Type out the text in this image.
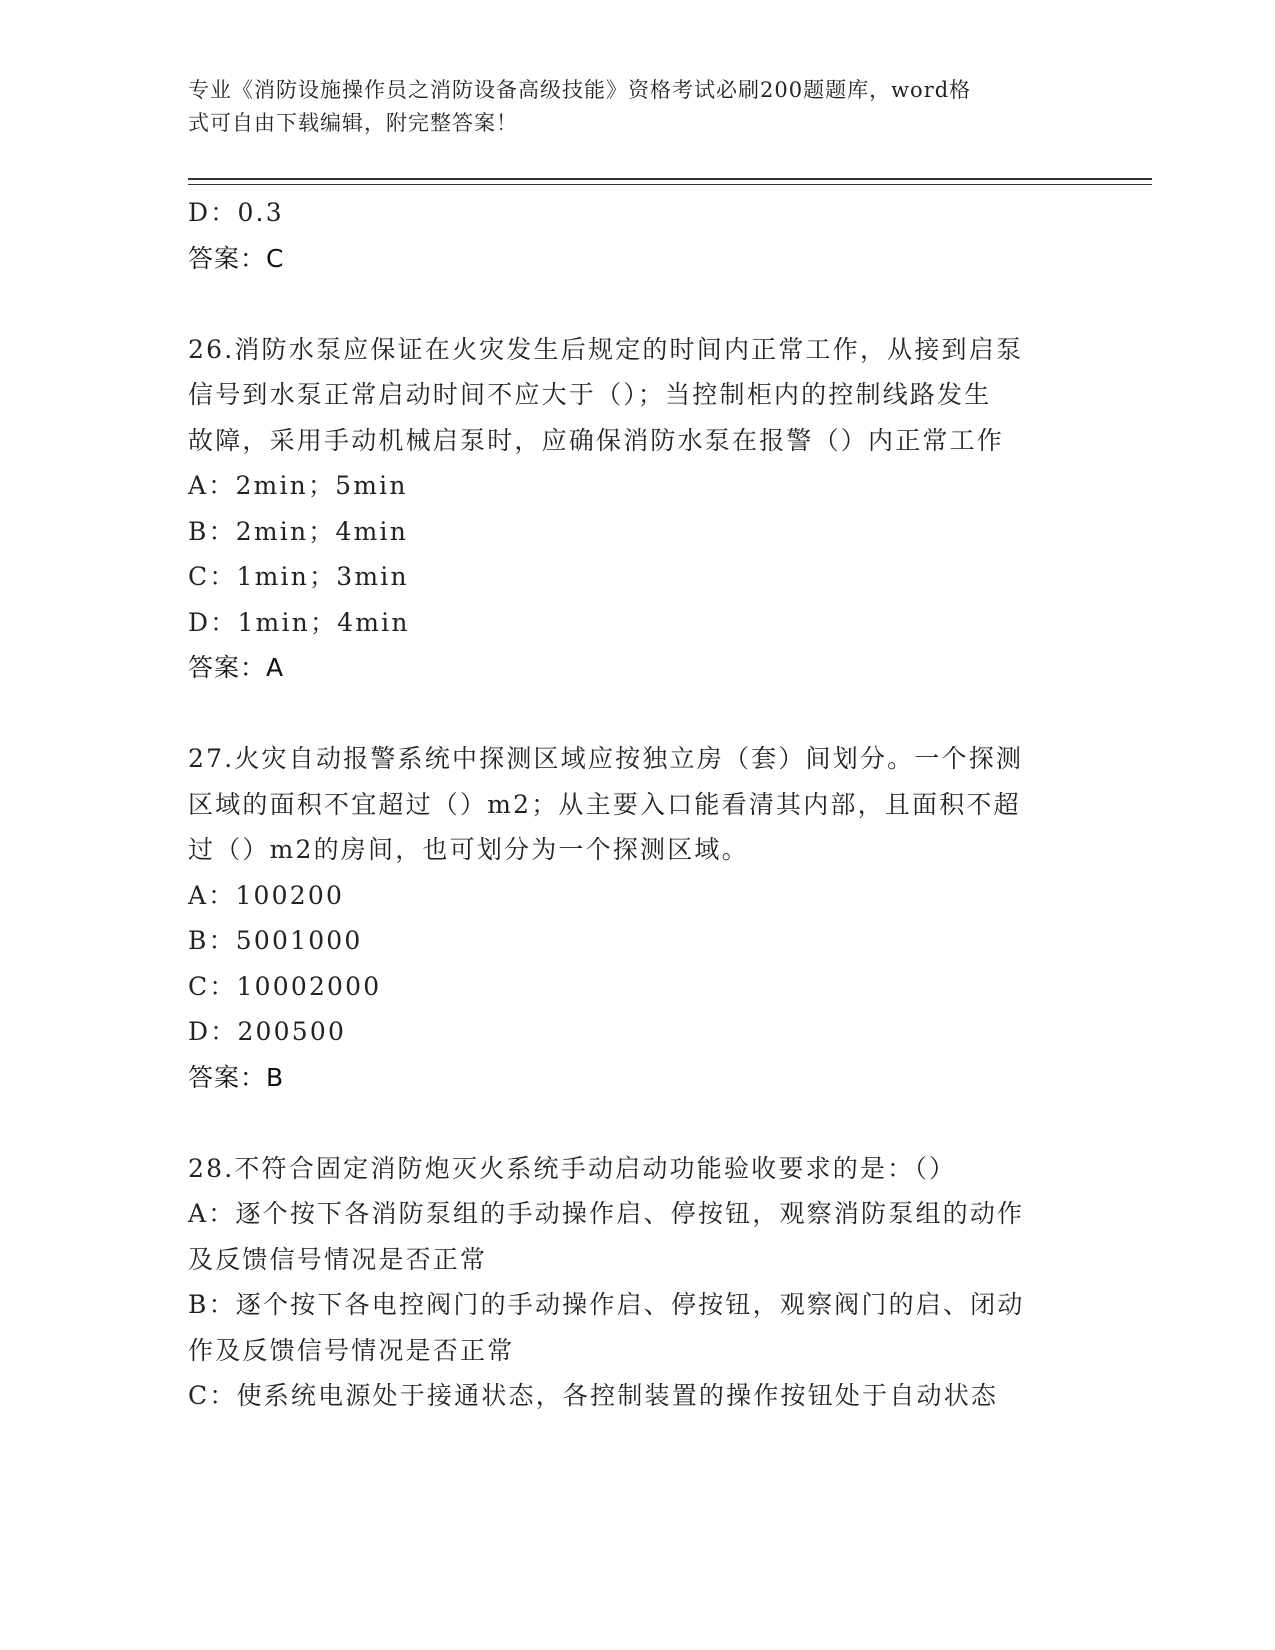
专业《消防设施操作员之消防设备高级技能》资格考试必刷200题题库，word格
式可自由下载编辑，附完整答案！
D：0.3
答案：C
26.消防水泵应保证在火灾发生后规定的时间内正常工作，从接到启泵
信号到水泵正常启动时间不应大于（）；当控制柜内的控制线路发生
故障，采用手动机械启泵时，应确保消防水泵在报警（）内正常工作
A：2min；5min
B：2min；4min
C：1min；3min
D：1min；4min
答案：A
27.火灾自动报警系统中探测区域应按独立房（套）间划分。一个探测
区域的面积不宜超过（）m2；从主要入口能看清其内部，且面积不超
过（）m2的房间，也可划分为一个探测区域。
A：100200
B：5001000
C：10002000
D：200500
答案：B
28.不符合固定消防炮灭火系统手动启动功能验收要求的是：（）
A：逐个按下各消防泵组的手动操作启、停按钮，观察消防泵组的动作
及反馈信号情况是否正常
B：逐个按下各电控阀门的手动操作启、停按钮，观察阀门的启、闭动
作及反馈信号情况是否正常
C：使系统电源处于接通状态，各控制装置的操作按钮处于自动状态
